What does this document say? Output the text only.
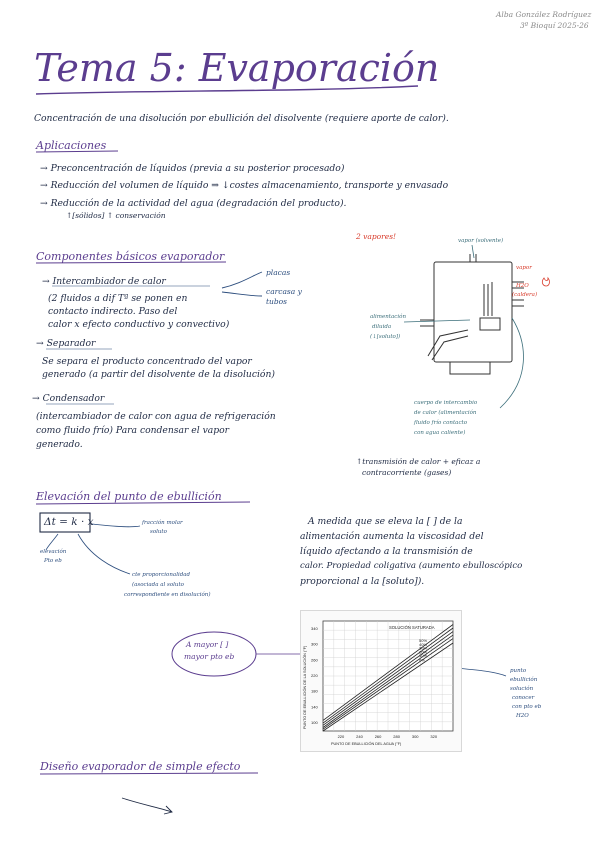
Alba González Rodríguez
3º Bioquí 2025-26
Tema 5: Evaporación
Concentración de una disolución por ebullición del disolvente (requiere aporte de calor).
Aplicaciones
→ Preconcentración de líquidos (previa a su posterior procesado)
→ Reducción del volumen de líquido ⇒ ↓costes almacenamiento, transporte y envasado
→ Reducción de la actividad del agua (degradación del producto).
↑[sólidos] ↑ conservación
Componentes básicos evaporador
→ Intercambiador de calor
placas
carcasa y tubos
(2 fluidos a dif Tª se ponen en
contacto indirecto. Paso del
calor x efecto conductivo y convectivo)
→ Separador
Se separa el producto concentrado del vapor
generado (a partir del disolvente de la disolución)
→ Condensador
(intercambiador de calor con agua de refrigeración
como fluido frío) Para condensar el vapor
generado.
2 vapores!	vapor (solvente)
vapor
H2O
(caldera)
alimentación
diluida
(↓[soluto])
cuerpo de intercambio
de calor (alimentación
fluido frío contacto
con agua caliente)
↑transmisión de calor + eficaz a
contracorriente (gases)
Elevación del punto de ebullición
Δt = k · x	fracción molar
soluto
elevación
Pto eb
cte proporcionalidad
(asociada al soluto
correspondiente en disolución)
A medida que se eleva la [ ] de la
alimentación aumenta la viscosidad del
líquido afectando a la transmisión de
calor. Propiedad coligativa (aumento ebulloscópico
proporcional a la [soluto]).
A mayor [ ]
mayor pto eb	0%
10%
20%
30%
40%
50%
SOLUCIÓN SATURADA
220	240	260	280	300	320
100
140
180
220
260
300
340
PUNTO DE EBULLICIÓN DEL AGUA (°F)
PUNTO DE EBULLICIÓN DE LA SOLUCIÓN (°F)	punto
ebullición
solución
conocer
con pto eb
H2O
Diseño evaporador de simple efecto
